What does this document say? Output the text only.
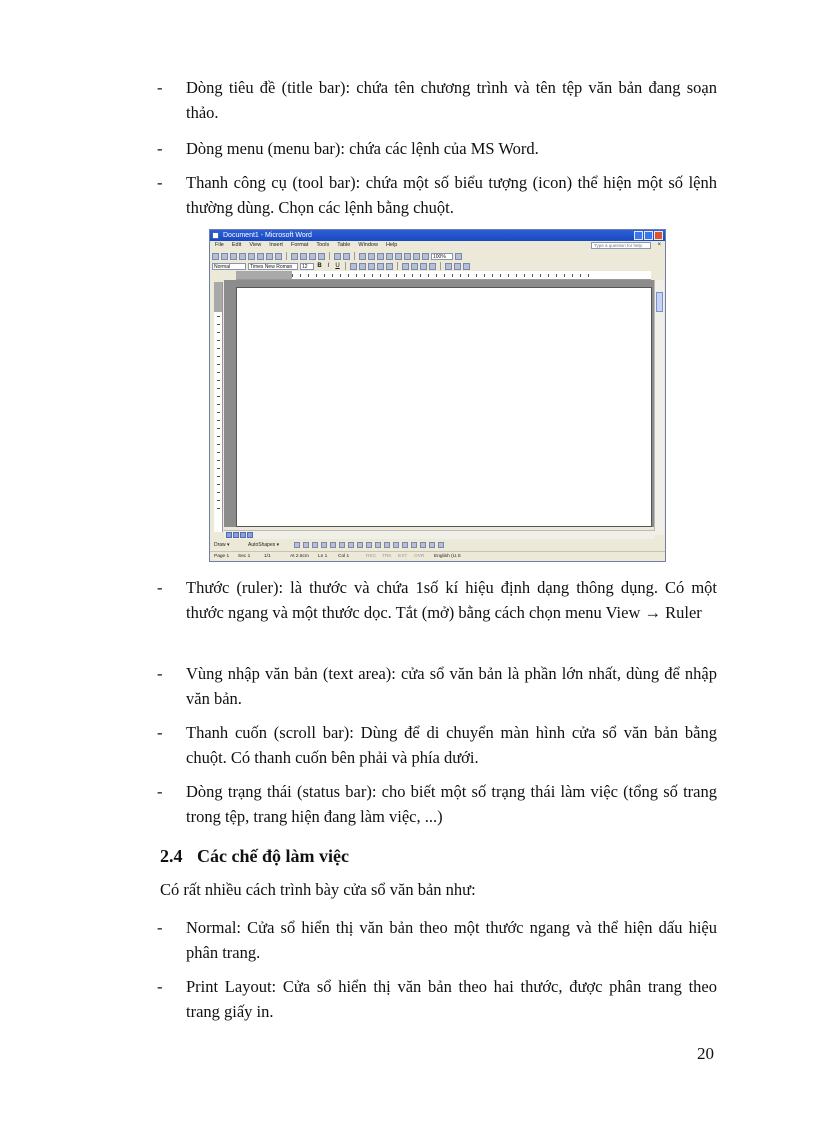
- Dòng tiêu đề (title bar): chứa tên chương trình và tên tệp văn bản đang soạn thảo.
- Dòng menu (menu bar): chứa các lệnh của MS Word.
- Thanh công cụ (tool bar): chứa một số biểu tượng (icon) thể hiện một số lệnh thường dùng. Chọn các lệnh bằng chuột.
Document1 - Microsoft Word
File Edit View Insert Format Tools Table Window Help	Type a question for help	×
100%
Normal	Times New Roman	12	B I	U
Draw ▾	AutoShapes ▾
Page 1 Sec 1	1/1	At 2.5cm Ln 1 Col 1	REC TRK EXT OVR English (U.S
- Thước (ruler): là thước và chứa 1số kí hiệu định dạng thông dụng. Có một thước ngang và một thước dọc. Tắt (mở) bằng cách chọn menu View → Ruler
- Vùng nhập văn bản (text area): cửa sổ văn bản là phần lớn nhất, dùng để nhập văn bản.
- Thanh cuốn (scroll bar): Dùng để di chuyển màn hình cửa sổ văn bản bằng chuột. Có thanh cuốn bên phải và phía dưới.
- Dòng trạng thái (status bar): cho biết một số trạng thái làm việc (tổng số trang trong tệp, trang hiện đang làm việc, ...)
2.4 Các chế độ làm việc
Có rất nhiều cách trình bày cửa sổ văn bản như:
- Normal: Cửa sổ hiển thị văn bản theo một thước ngang và thể hiện dấu hiệu phân trang.
- Print Layout: Cửa sổ hiển thị văn bản theo hai thước, được phân trang theo trang giấy in.
20
